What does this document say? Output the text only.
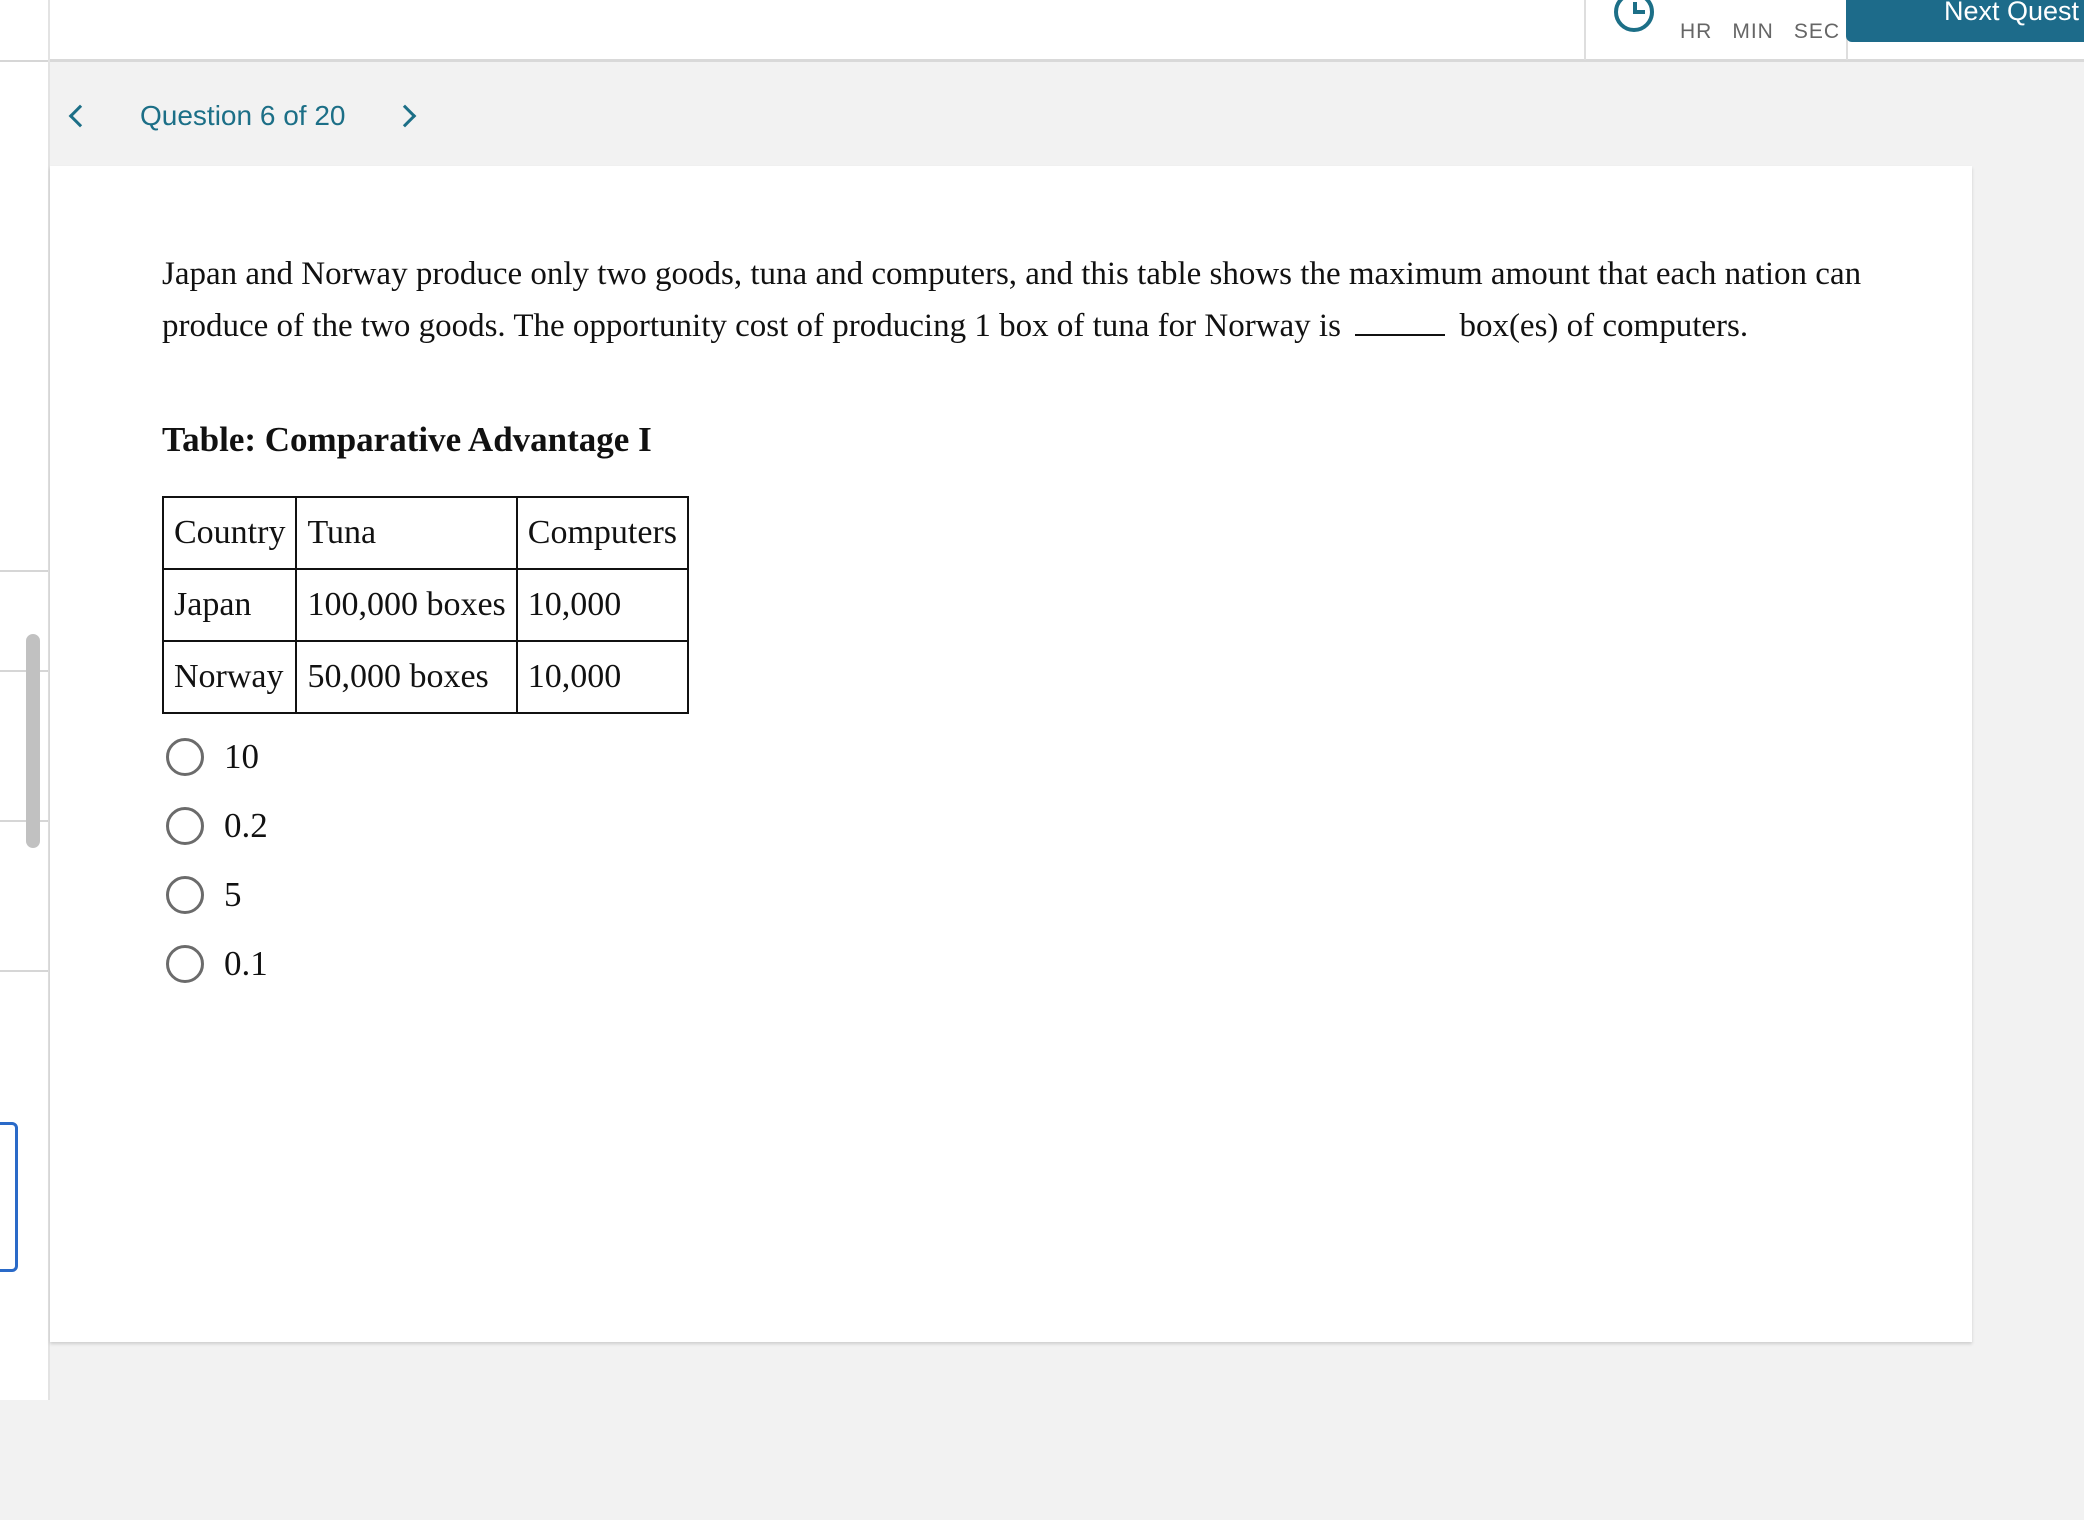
HR MIN SEC
Next Quest
Question 6 of 20
Japan and Norway produce only two goods, tuna and computers, and this table shows the maximum amount that each nation can produce of the two goods. The opportunity cost of producing 1 box of tuna for Norway is	box(es) of computers.
Table: Comparative Advantage I
Country	Tuna	Computers
Japan	100,000 boxes	10,000
Norway	50,000 boxes	10,000
10
0.2
5
0.1
